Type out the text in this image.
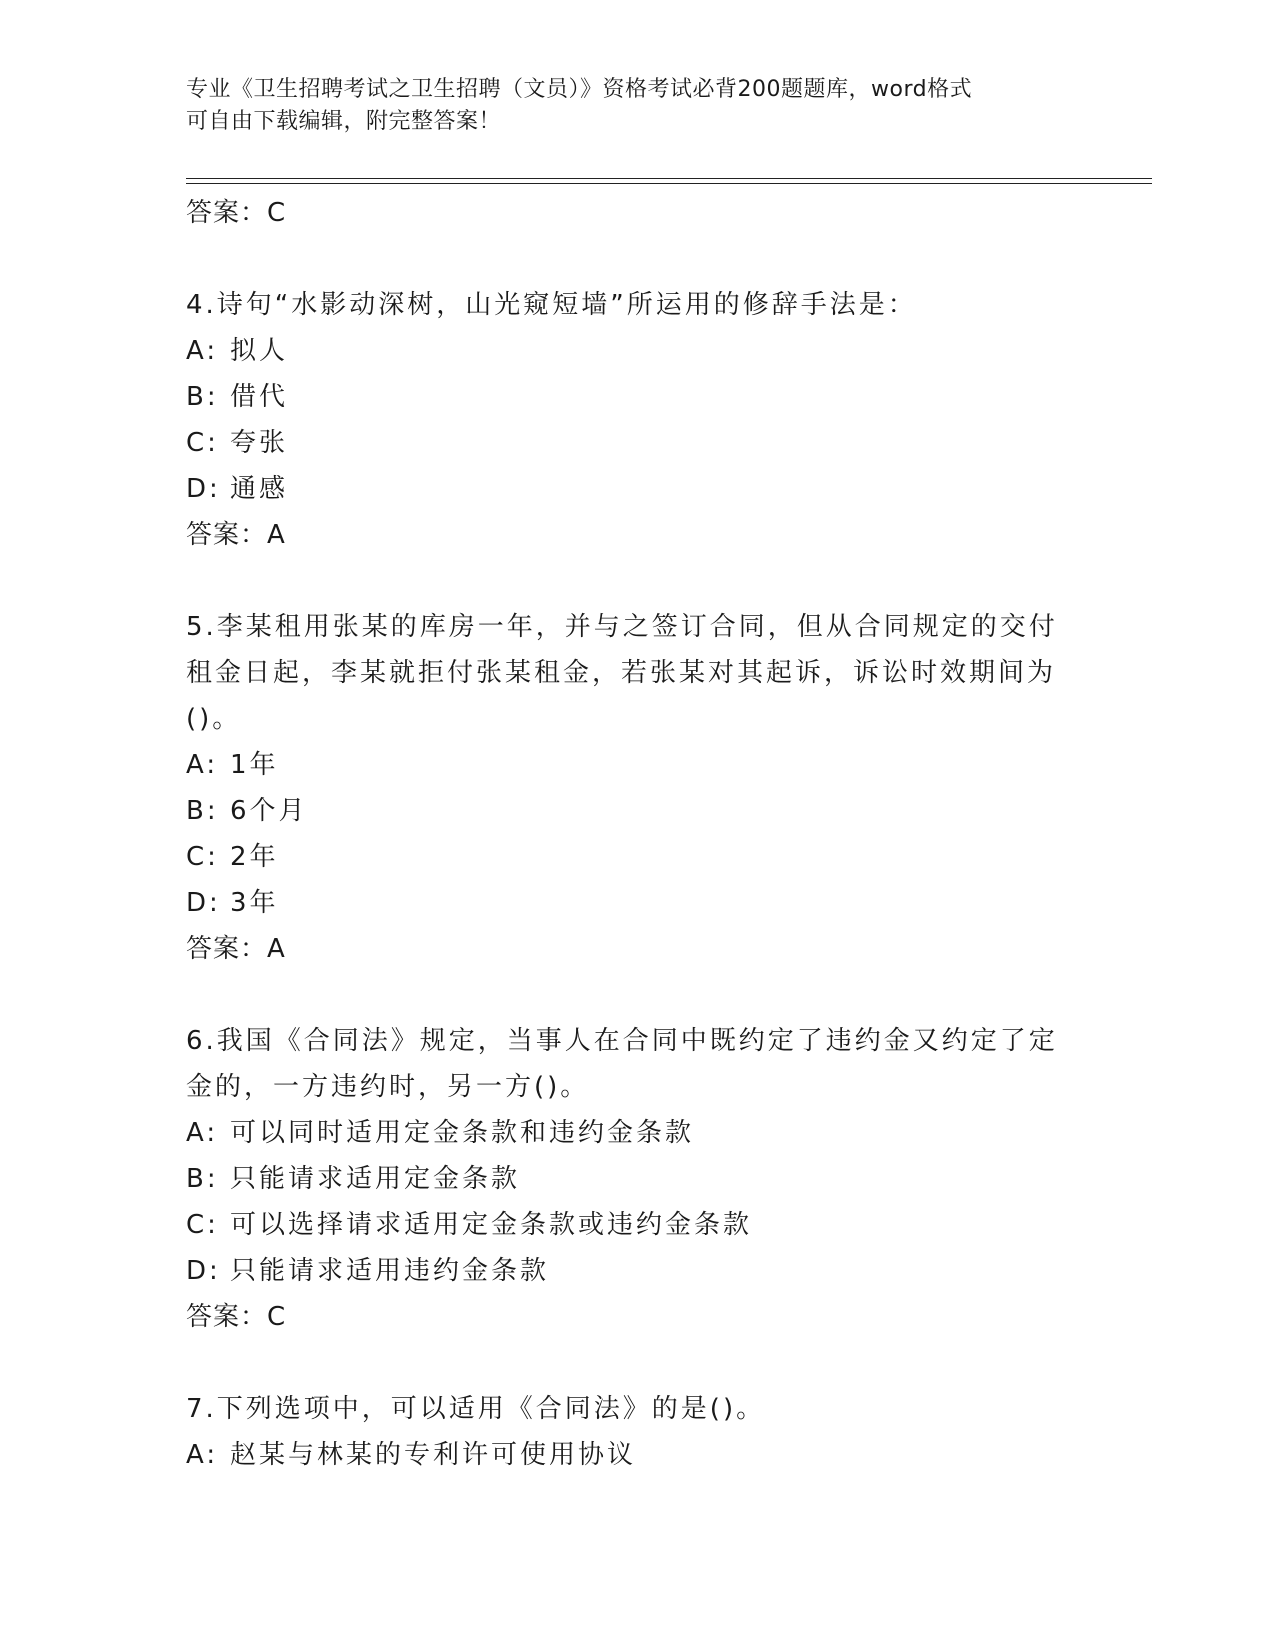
专业《卫生招聘考试之卫生招聘（文员）》资格考试必背200题题库，word格式
可自由下载编辑，附完整答案！
答案：C
4.诗句“水影动深树，山光窥短墙”所运用的修辞手法是：
A: 拟人
B: 借代
C: 夸张
D: 通感
答案：A
5.李某租用张某的库房一年，并与之签订合同，但从合同规定的交付租金日起，李某就拒付张某租金，若张某对其起诉，诉讼时效期间为()。
A: 1年
B: 6个月
C: 2年
D: 3年
答案：A
6.我国《合同法》规定，当事人在合同中既约定了违约金又约定了定金的，一方违约时，另一方()。
A: 可以同时适用定金条款和违约金条款
B: 只能请求适用定金条款
C: 可以选择请求适用定金条款或违约金条款
D: 只能请求适用违约金条款
答案：C
7.下列选项中，可以适用《合同法》的是()。
A: 赵某与林某的专利许可使用协议
